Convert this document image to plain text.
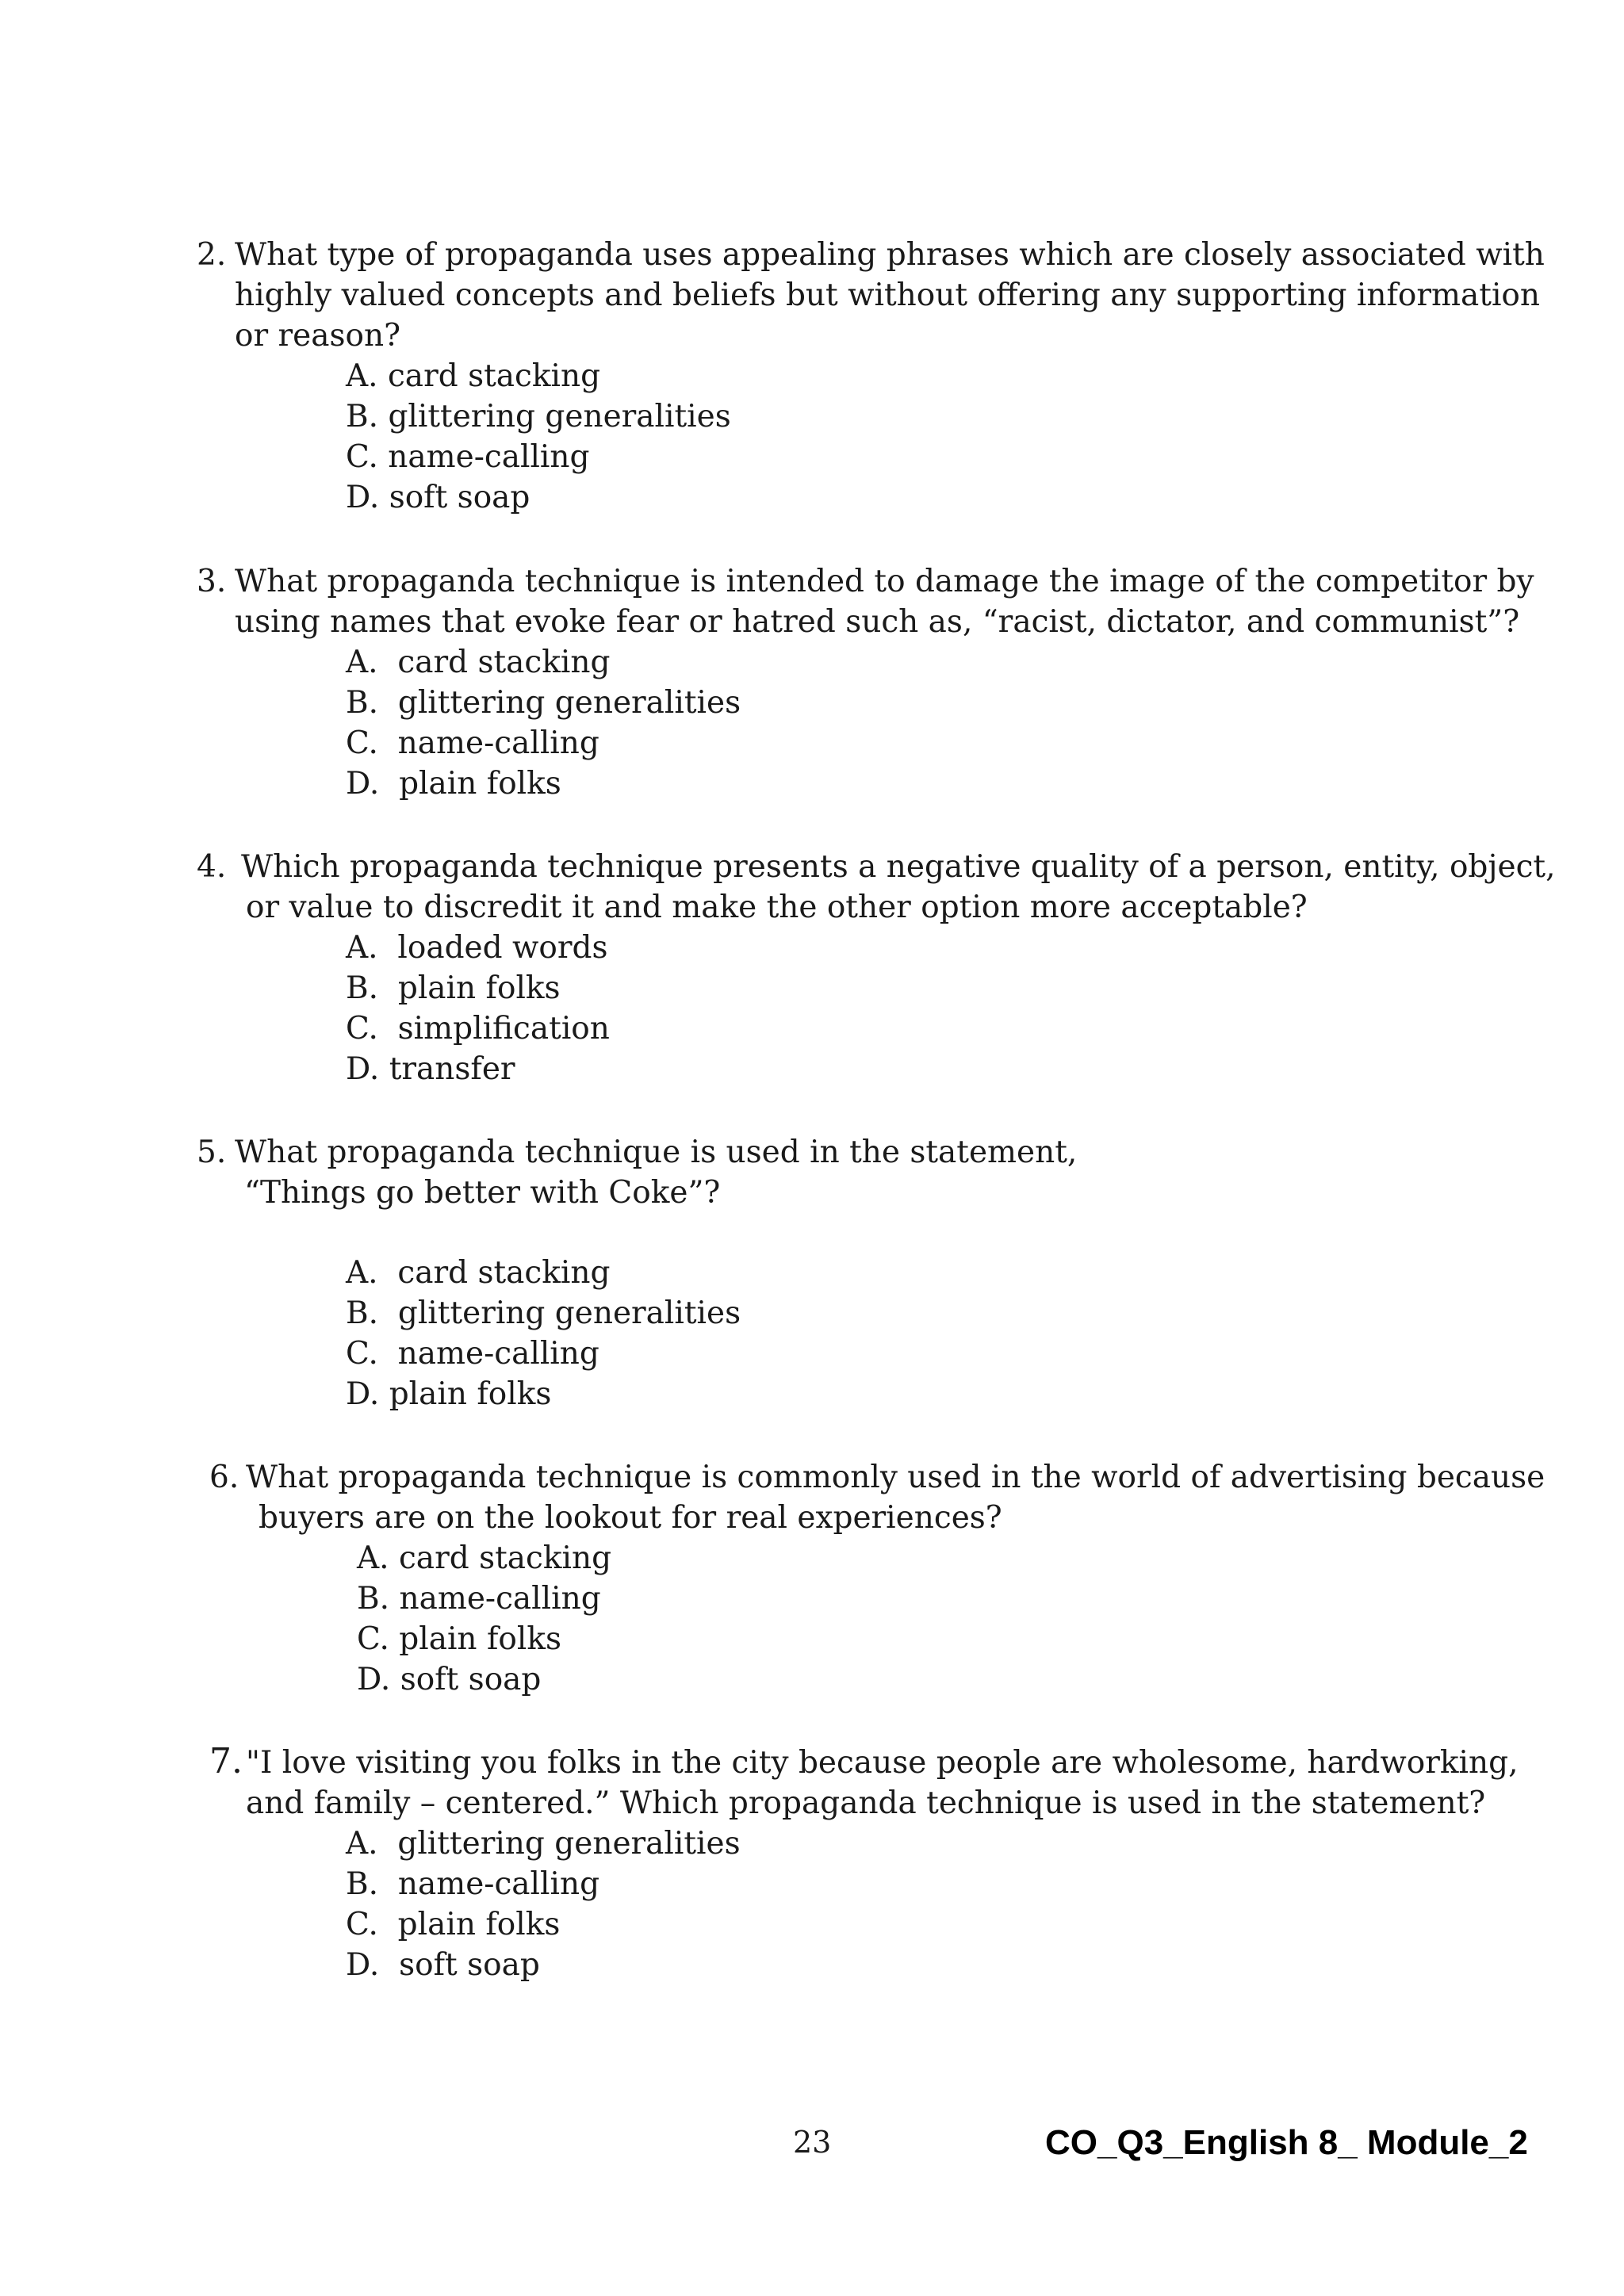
2. What type of propaganda uses appealing phrases which are closely associated with
highly valued concepts and beliefs but without offering any supporting information
or reason?
A. card stacking
B. glittering generalities
C. name-calling
D. soft soap
3. What propaganda technique is intended to damage the image of the competitor by
using names that evoke fear or hatred such as, “racist, dictator, and communist”?
A. card stacking
B. glittering generalities
C. name-calling
D. plain folks
4. Which propaganda technique presents a negative quality of a person, entity, object,
or value to discredit it and make the other option more acceptable?
A. loaded words
B. plain folks
C. simplification
D. transfer
5. What propaganda technique is used in the statement,
“Things go better with Coke”?
A. card stacking
B. glittering generalities
C. name-calling
D. plain folks
6. What propaganda technique is commonly used in the world of advertising because
buyers are on the lookout for real experiences?
A. card stacking
B. name-calling
C. plain folks
D. soft soap
7. "I love visiting you folks in the city because people are wholesome, hardworking,
and family – centered.” Which propaganda technique is used in the statement?
A. glittering generalities
B. name-calling
C. plain folks
D. soft soap
23	CO_Q3_English 8_ Module_2
